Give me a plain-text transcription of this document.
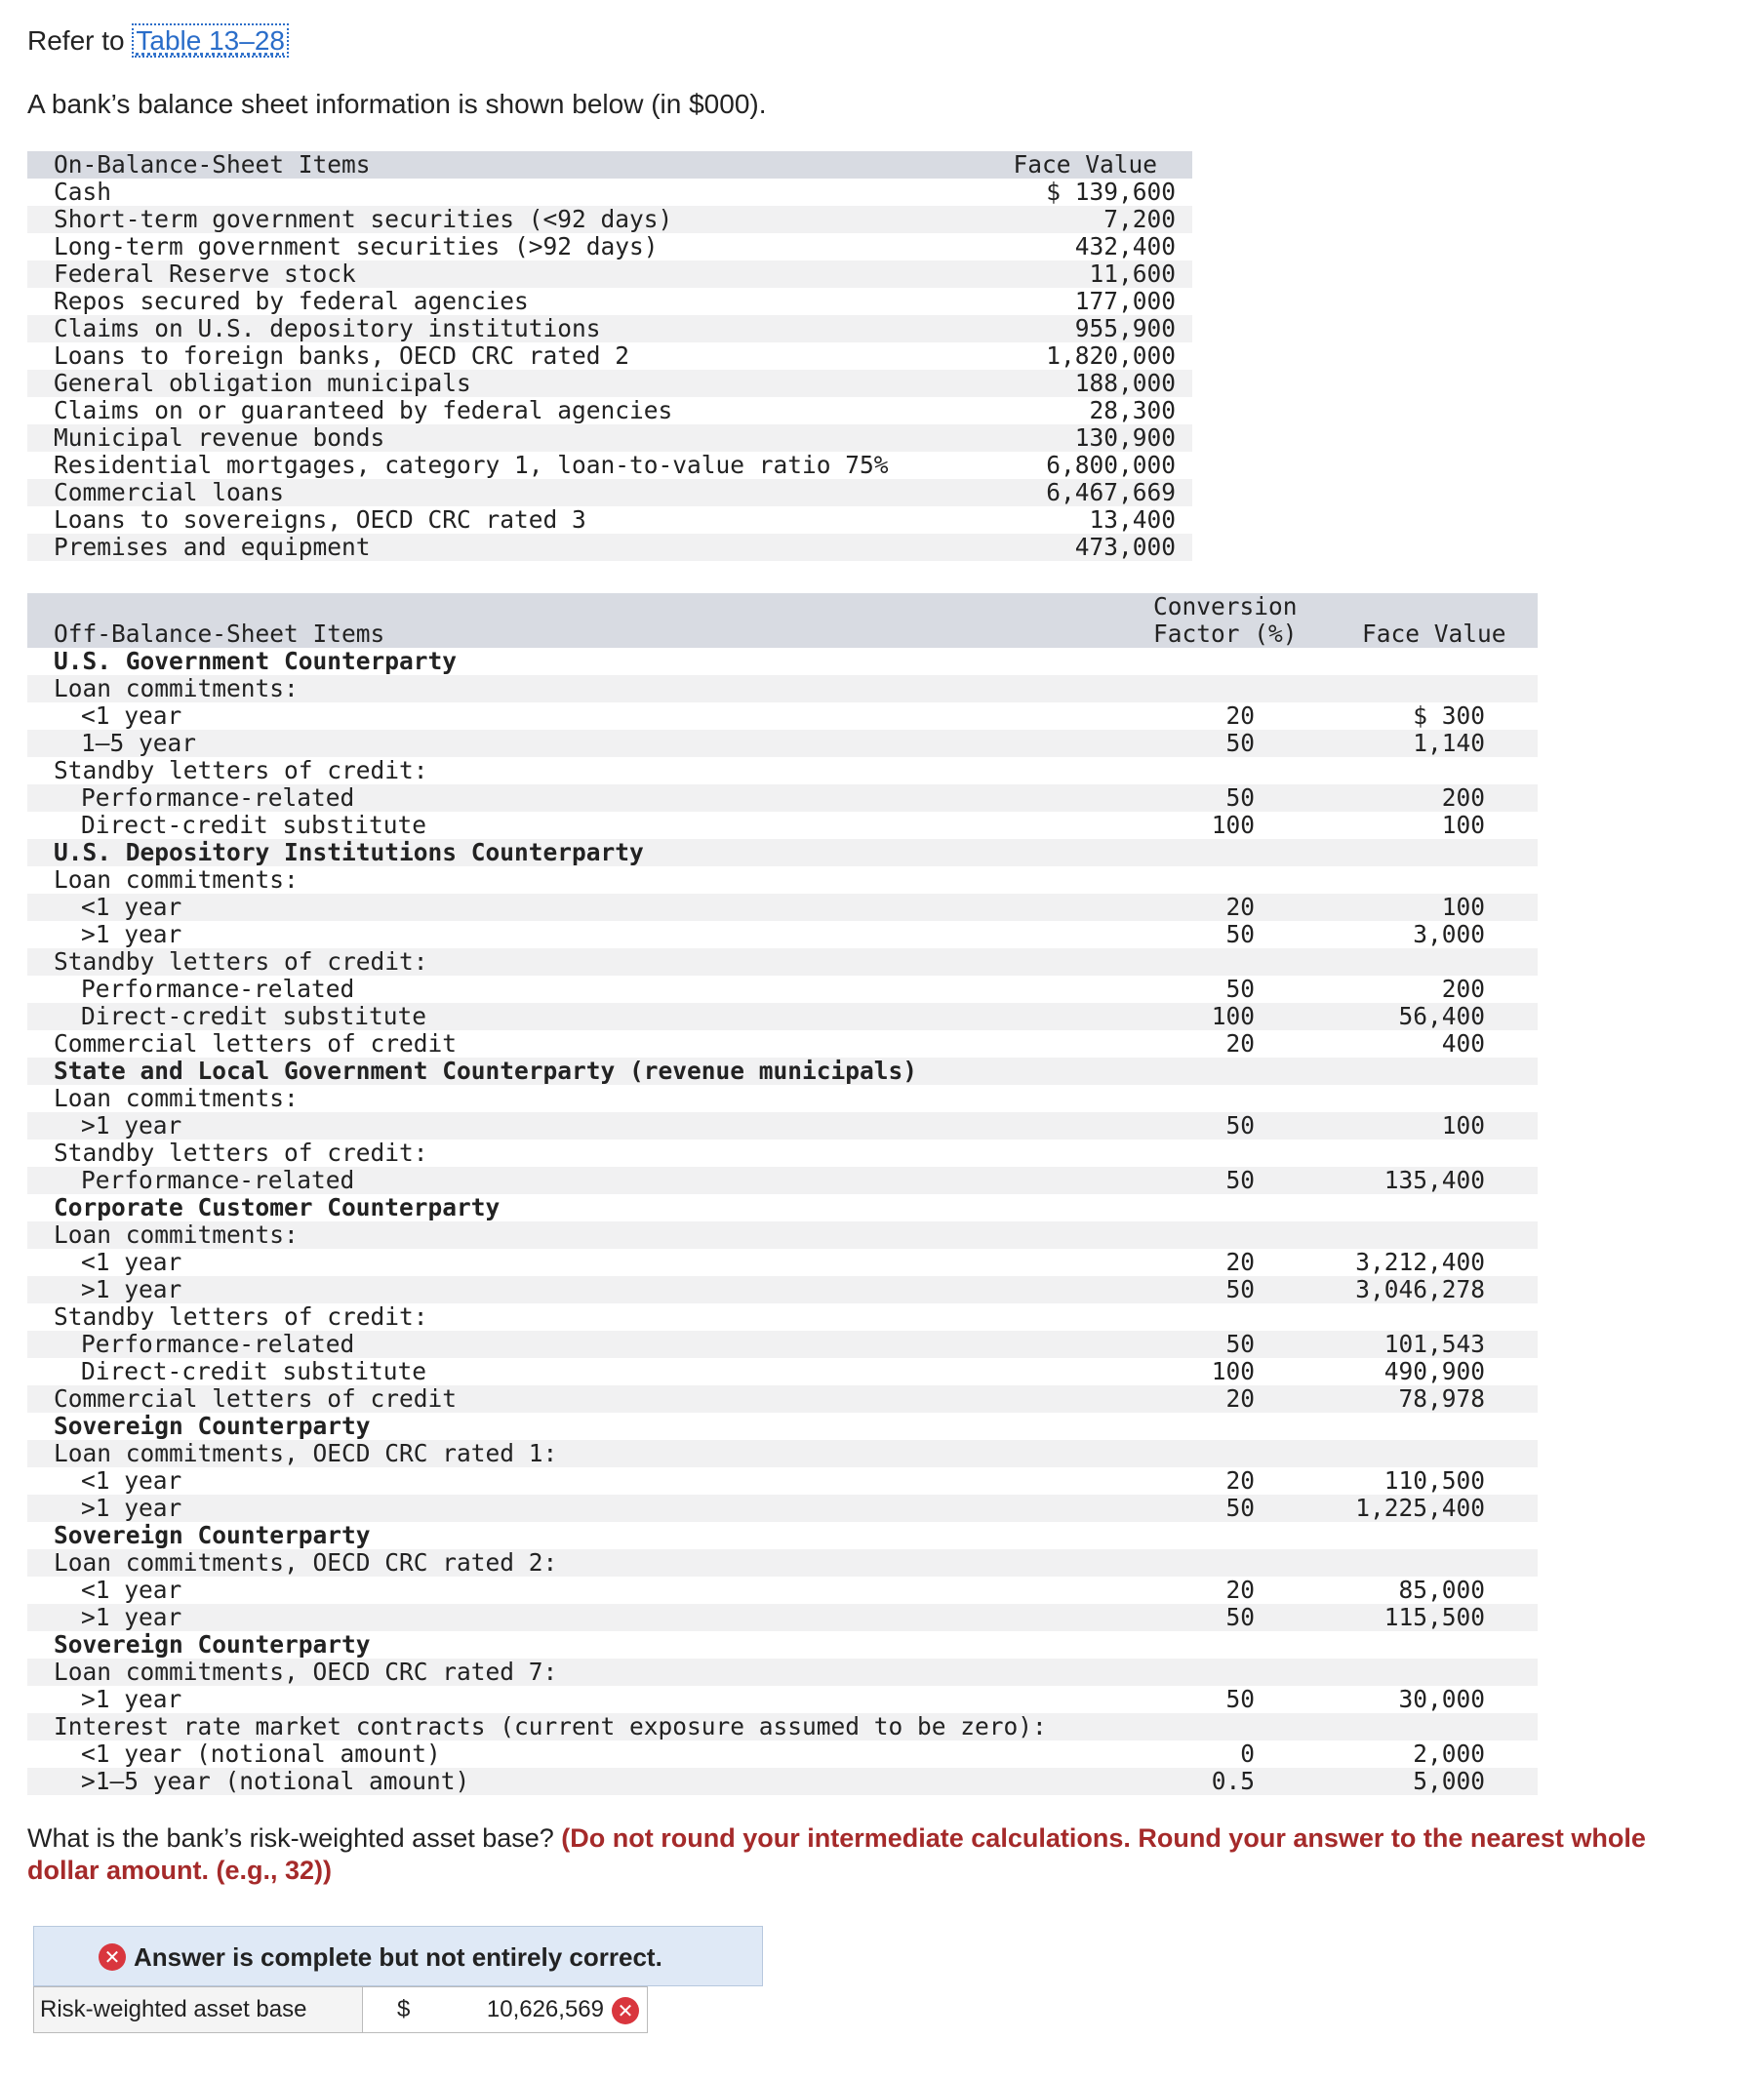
Refer to Table 13–28
A bank’s balance sheet information is shown below (in $000).
On-Balance-Sheet Items	Face Value
Cash	$ 139,600
Short-term government securities (<92 days)	7,200
Long-term government securities (>92 days)	432,400
Federal Reserve stock	11,600
Repos secured by federal agencies	177,000
Claims on U.S. depository institutions	955,900
Loans to foreign banks, OECD CRC rated 2	1,820,000
General obligation municipals	188,000
Claims on or guaranteed by federal agencies	28,300
Municipal revenue bonds	130,900
Residential mortgages, category 1, loan-to-value ratio 75%	6,800,000
Commercial loans	6,467,669
Loans to sovereigns, OECD CRC rated 3	13,400
Premises and equipment	473,000
Off-Balance-Sheet Items
Conversion
Factor (%)	Face Value
U.S. Government Counterparty
Loan commitments:
<1 year	20	$ 300
1–5 year	50	1,140
Standby letters of credit:
Performance-related	50	200
Direct-credit substitute	100	100
U.S. Depository Institutions Counterparty
Loan commitments:
<1 year	20	100
>1 year	50	3,000
Standby letters of credit:
Performance-related	50	200
Direct-credit substitute	100	56,400
Commercial letters of credit	20	400
State and Local Government Counterparty (revenue municipals)
Loan commitments:
>1 year	50	100
Standby letters of credit:
Performance-related	50	135,400
Corporate Customer Counterparty
Loan commitments:
<1 year	20	3,212,400
>1 year	50	3,046,278
Standby letters of credit:
Performance-related	50	101,543
Direct-credit substitute	100	490,900
Commercial letters of credit	20	78,978
Sovereign Counterparty
Loan commitments, OECD CRC rated 1:
<1 year	20	110,500
>1 year	50	1,225,400
Sovereign Counterparty
Loan commitments, OECD CRC rated 2:
<1 year	20	85,000
>1 year	50	115,500
Sovereign Counterparty
Loan commitments, OECD CRC rated 7:
>1 year	50	30,000
Interest rate market contracts (current exposure assumed to be zero):
<1 year (notional amount)	0	2,000
>1–5 year (notional amount)	0.5	5,000
What is the bank’s risk-weighted asset base? (Do not round your intermediate calculations. Round your answer to the nearest whole dollar amount. (e.g., 32))
✕ Answer is complete but not entirely correct.
Risk-weighted asset base	$	10,626,569 ✕
